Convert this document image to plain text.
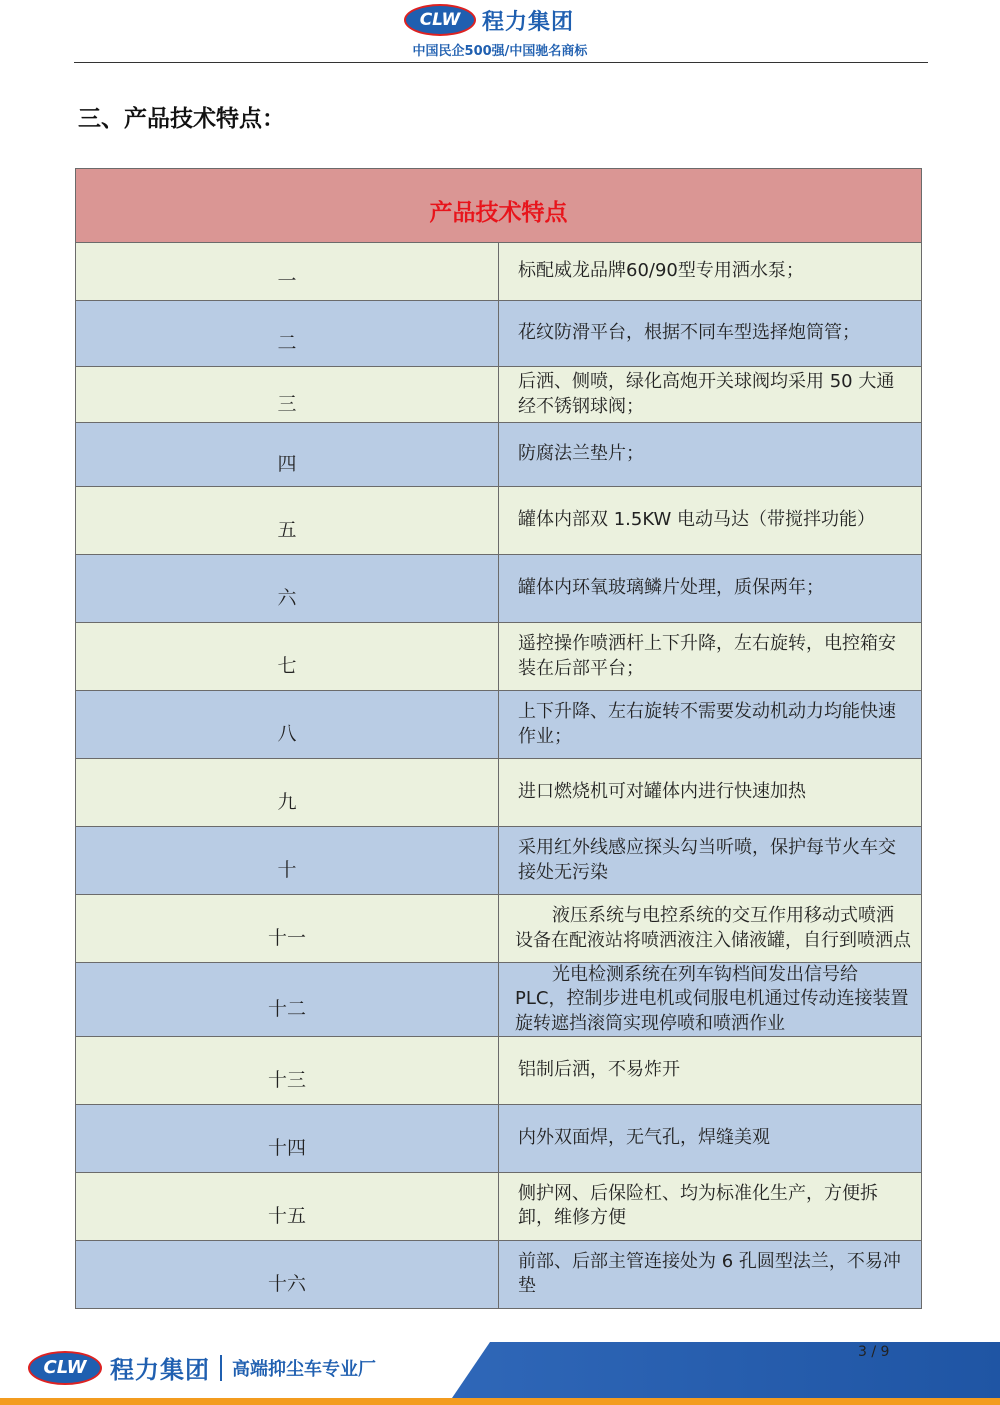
CLW 程力集团
中国民企500强/中国驰名商标
三、产品技术特点：
产品技术特点	
一	标配威龙品牌60/90型专用洒水泵；
二	花纹防滑平台，根据不同车型选择炮筒管；
三	后洒、侧喷，绿化高炮开关球阀均采用 50 大通经不锈钢球阀；
四	防腐法兰垫片；
五	罐体内部双 1.5KW 电动马达（带搅拌功能）
六	罐体内环氧玻璃鳞片处理，质保两年；
七	遥控操作喷洒杆上下升降，左右旋转，电控箱安装在后部平台；
八	上下升降、左右旋转不需要发动机动力均能快速作业；
九	进口燃烧机可对罐体内进行快速加热
十	采用红外线感应探头勾当听喷，保护每节火车交接处无污染
十一	液压系统与电控系统的交互作用移动式喷洒设备在配液站将喷洒液注入储液罐，自行到喷洒点
十二	光电检测系统在列车钩档间发出信号给 PLC，控制步进电机或伺服电机通过传动连接装置旋转遮挡滚筒实现停喷和喷洒作业
十三	铝制后洒，不易炸开
十四	内外双面焊，无气孔，焊缝美观
十五	侧护网、后保险杠、均为标准化生产，方便拆卸，维修方便
十六	前部、后部主管连接处为 6 孔圆型法兰，不易冲垫
CLW 程力集团 高端抑尘车专业厂
3 / 9
